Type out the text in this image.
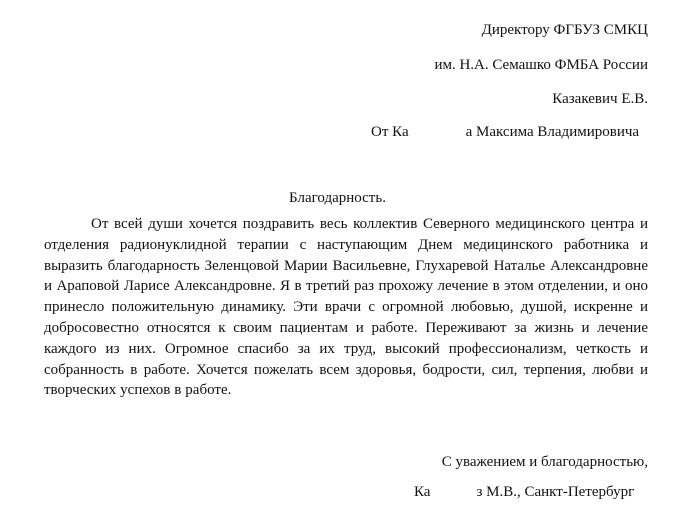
Директору ФГБУЗ СМКЦ
им. Н.А. Семашко ФМБА России
Казакевич Е.В.
От Ка	а Максима Владимировича
Благодарность.
От всей души хочется поздравить весь коллектив Северного медицинского центра и отделения радионуклидной терапии с наступающим Днем медицинского работника и выразить благодарность Зеленцовой Марии Васильевне, Глухаревой Наталье Александровне и Араповой Ларисе Александровне. Я в третий раз прохожу лечение в этом отделении, и оно принесло положительную динамику. Эти врачи с огромной любовью, душой, искренне и добросовестно относятся к своим пациентам и работе. Переживают за жизнь и лечение каждого из них. Огромное спасибо за их труд, высокий профессионализм, четкость и собранность в работе. Хочется пожелать всем здоровья, бодрости, сил, терпения, любви и творческих успехов в работе.
С уважением и благодарностью,
Ка	з М.В., Санкт-Петербург
